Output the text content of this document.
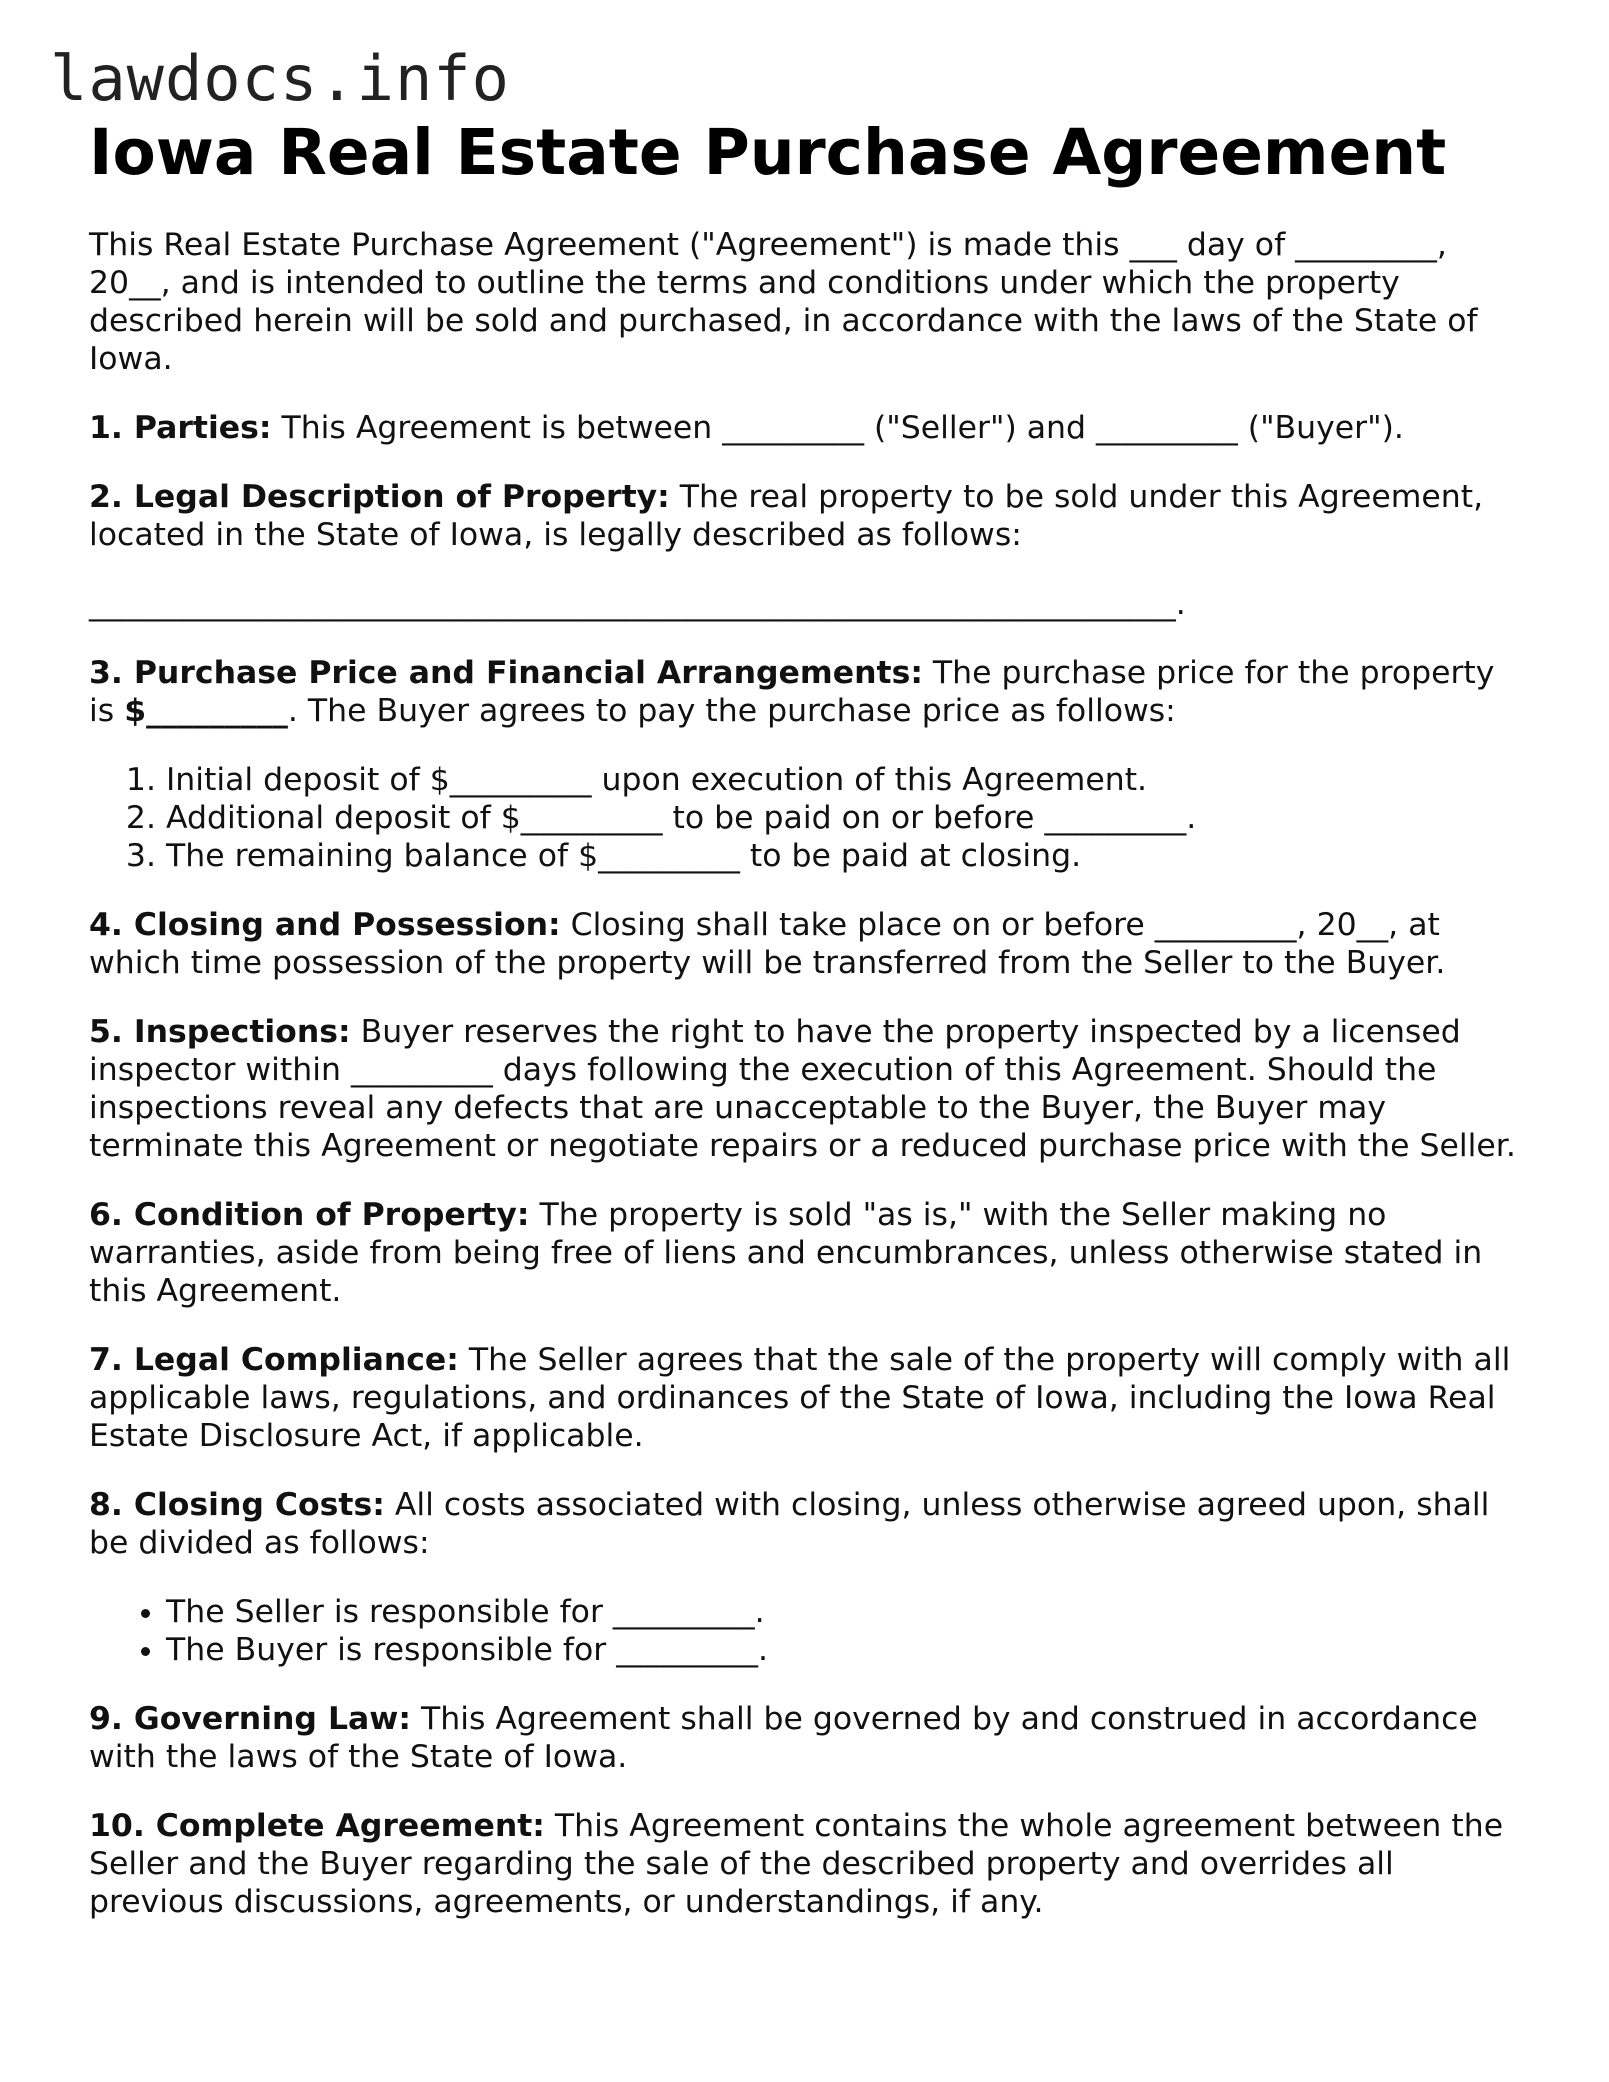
lawdocs.info
Iowa Real Estate Purchase Agreement

This Real Estate Purchase Agreement ("Agreement") is made this ___ day of _________,
20__, and is intended to outline the terms and conditions under which the property
described herein will be sold and purchased, in accordance with the laws of the State of
Iowa.

1. Parties: This Agreement is between _________ ("Seller") and _________ ("Buyer").

2. Legal Description of Property: The real property to be sold under this Agreement,
located in the State of Iowa, is legally described as follows:

_____________________________________________________________________.

3. Purchase Price and Financial Arrangements: The purchase price for the property
is $_________. The Buyer agrees to pay the purchase price as follows:

1. Initial deposit of $_________ upon execution of this Agreement.
2. Additional deposit of $_________ to be paid on or before _________.
3. The remaining balance of $_________ to be paid at closing.

4. Closing and Possession: Closing shall take place on or before _________, 20__, at
which time possession of the property will be transferred from the Seller to the Buyer.

5. Inspections: Buyer reserves the right to have the property inspected by a licensed
inspector within _________ days following the execution of this Agreement. Should the
inspections reveal any defects that are unacceptable to the Buyer, the Buyer may
terminate this Agreement or negotiate repairs or a reduced purchase price with the Seller.

6. Condition of Property: The property is sold "as is," with the Seller making no
warranties, aside from being free of liens and encumbrances, unless otherwise stated in
this Agreement.

7. Legal Compliance: The Seller agrees that the sale of the property will comply with all
applicable laws, regulations, and ordinances of the State of Iowa, including the Iowa Real
Estate Disclosure Act, if applicable.

8. Closing Costs: All costs associated with closing, unless otherwise agreed upon, shall
be divided as follows:

• The Seller is responsible for _________.
• The Buyer is responsible for _________.

9. Governing Law: This Agreement shall be governed by and construed in accordance
with the laws of the State of Iowa.

10. Complete Agreement: This Agreement contains the whole agreement between the
Seller and the Buyer regarding the sale of the described property and overrides all
previous discussions, agreements, or understandings, if any.
